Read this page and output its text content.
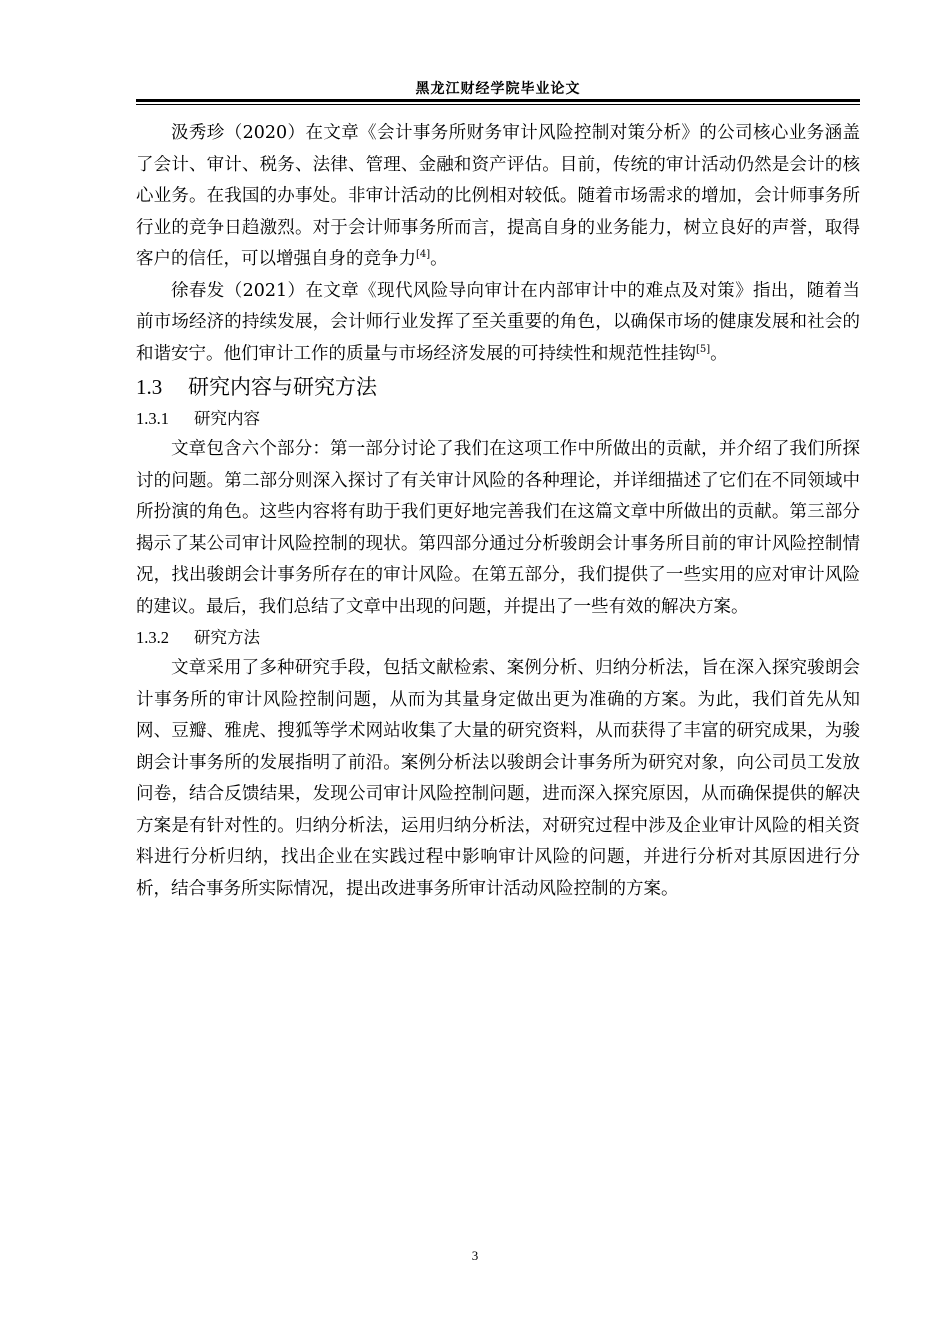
黑龙江财经学院毕业论文

汲秀珍（2020）在文章《会计事务所财务审计风险控制对策分析》的公司核心业务涵盖了会计、审计、税务、法律、管理、金融和资产评估。目前，传统的审计活动仍然是会计的核心业务。在我国的办事处。非审计活动的比例相对较低。随着市场需求的增加，会计师事务所行业的竞争日趋激烈。对于会计师事务所而言，提高自身的业务能力，树立良好的声誉，取得客户的信任，可以增强自身的竞争力[4]。

徐春发（2021）在文章《现代风险导向审计在内部审计中的难点及对策》指出，随着当前市场经济的持续发展，会计师行业发挥了至关重要的角色，以确保市场的健康发展和社会的和谐安宁。他们审计工作的质量与市场经济发展的可持续性和规范性挂钩[5]。

1.3 研究内容与研究方法
1.3.1 研究内容

文章包含六个部分：第一部分讨论了我们在这项工作中所做出的贡献，并介绍了我们所探讨的问题。第二部分则深入探讨了有关审计风险的各种理论，并详细描述了它们在不同领域中所扮演的角色。这些内容将有助于我们更好地完善我们在这篇文章中所做出的贡献。第三部分揭示了某公司审计风险控制的现状。第四部分通过分析骏朗会计事务所目前的审计风险控制情况，找出骏朗会计事务所存在的审计风险。在第五部分，我们提供了一些实用的应对审计风险的建议。最后，我们总结了文章中出现的问题，并提出了一些有效的解决方案。

1.3.2 研究方法

文章采用了多种研究手段，包括文献检索、案例分析、归纳分析法，旨在深入探究骏朗会计事务所的审计风险控制问题，从而为其量身定做出更为准确的方案。为此，我们首先从知网、豆瓣、雅虎、搜狐等学术网站收集了大量的研究资料，从而获得了丰富的研究成果，为骏朗会计事务所的发展指明了前沿。案例分析法以骏朗会计事务所为研究对象，向公司员工发放问卷，结合反馈结果，发现公司审计风险控制问题，进而深入探究原因，从而确保提供的解决方案是有针对性的。归纳分析法，运用归纳分析法，对研究过程中涉及企业审计风险的相关资料进行分析归纳，找出企业在实践过程中影响审计风险的问题，并进行分析对其原因进行分析，结合事务所实际情况，提出改进事务所审计活动风险控制的方案。

3
